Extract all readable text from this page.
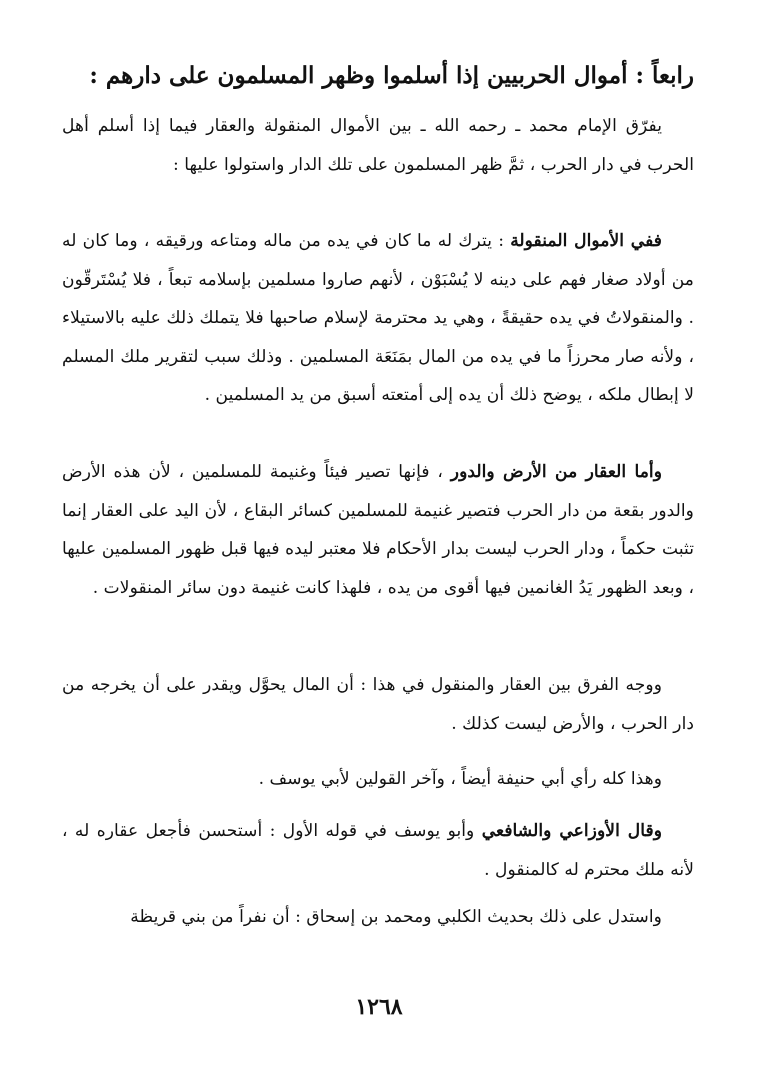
رابعاً : أموال الحربيين إذا أسلموا وظهر المسلمون على دارهم :

يفرّق الإمام محمد ـ رحمه الله ـ بين الأموال المنقولة والعقار فيما إذا أسلم أهل الحرب في دار الحرب ، ثمَّ ظهر المسلمون على تلك الدار واستولوا عليها :

ففي الأموال المنقولة : يترك له ما كان في يده من ماله ومتاعه ورقيقه ، وما كان له من أولاد صغار فهم على دينه لا يُسْبَوْن ، لأنهم صاروا مسلمين بإسلامه تبعاً ، فلا يُسْتَرقّون . والمنقولاتُ في يده حقيقةً ، وهي يد محترمة لإسلام صاحبها فلا يتملك ذلك عليه بالاستيلاء ، ولأنه صار محرزاً ما في يده من المال بمَنَعَة المسلمين . وذلك سبب لتقرير ملك المسلم لا إبطال ملكه ، يوضح ذلك أن يده إلى أمتعته أسبق من يد المسلمين .

وأما العقار من الأرض والدور ، فإنها تصير فيئاً وغنيمة للمسلمين ، لأن هذه الأرض والدور بقعة من دار الحرب فتصير غنيمة للمسلمين كسائر البقاع ، لأن اليد على العقار إنما تثبت حكماً ، ودار الحرب ليست بدار الأحكام فلا معتبر ليده فيها قبل ظهور المسلمين عليها ، وبعد الظهور يَدُ الغانمين فيها أقوى من يده ، فلهذا كانت غنيمة دون سائر المنقولات .

ووجه الفرق بين العقار والمنقول في هذا : أن المال يحوَّل ويقدر على أن يخرجه من دار الحرب ، والأرض ليست كذلك .

وهذا كله رأي أبي حنيفة أيضاً ، وآخر القولين لأبي يوسف .

وقال الأوزاعي والشافعي وأبو يوسف في قوله الأول : أستحسن فأجعل عقاره له ، لأنه ملك محترم له كالمنقول .

واستدل على ذلك بحديث الكلبي ومحمد بن إسحاق : أن نفراً من بني قريظة

١٢٦٨
